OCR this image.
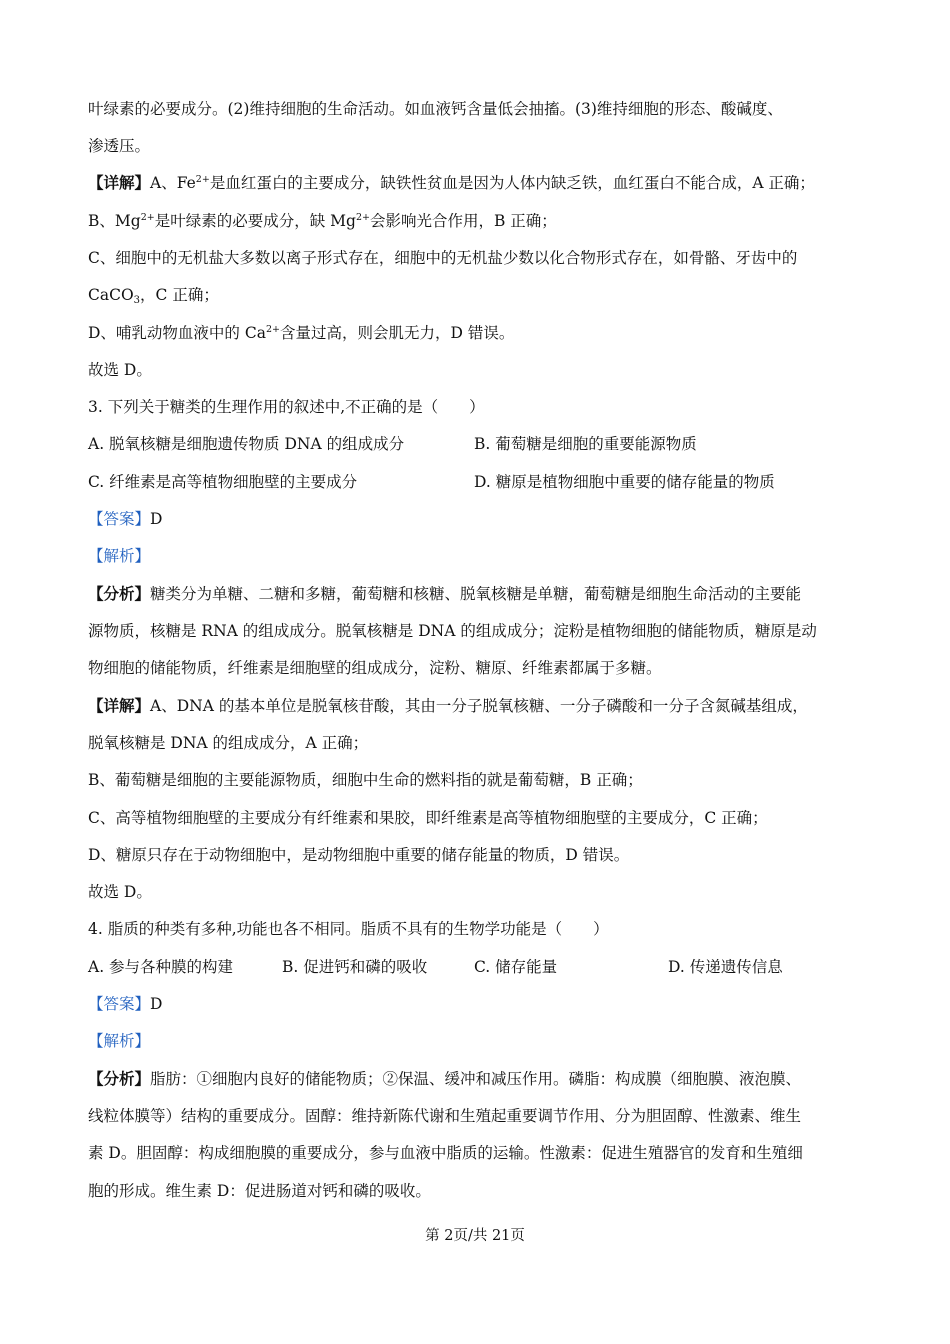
叶绿素的必要成分。(2)维持细胞的生命活动。如血液钙含量低会抽搐。(3)维持细胞的形态、酸碱度、
渗透压。
【详解】A、$Fe^{2+}$是血红蛋白的主要成分，缺铁性贫血是因为人体内缺乏铁，血红蛋白不能合成，A 正确；
B、$Mg^{2+}$是叶绿素的必要成分，缺 $Mg^{2+}$会影响光合作用，B 正确；
C、细胞中的无机盐大多数以离子形式存在，细胞中的无机盐少数以化合物形式存在，如骨骼、牙齿中的
CaCO$_3$，C 正确；
D、哺乳动物血液中的 $Ca^{2+}$含量过高，则会肌无力，D 错误。
故选 D。
3. 下列关于糖类的生理作用的叙述中,不正确的是（　　）
A. 脱氧核糖是细胞遗传物质 DNA 的组成成分	B. 葡萄糖是细胞的重要能源物质
C. 纤维素是高等植物细胞壁的主要成分	D. 糖原是植物细胞中重要的储存能量的物质
【答案】D
【解析】
【分析】糖类分为单糖、二糖和多糖，葡萄糖和核糖、脱氧核糖是单糖，葡萄糖是细胞生命活动的主要能
源物质，核糖是 RNA 的组成成分。脱氧核糖是 DNA 的组成成分；淀粉是植物细胞的储能物质，糖原是动
物细胞的储能物质，纤维素是细胞壁的组成成分，淀粉、糖原、纤维素都属于多糖。
【详解】A、DNA 的基本单位是脱氧核苷酸，其由一分子脱氧核糖、一分子磷酸和一分子含氮碱基组成，
脱氧核糖是 DNA 的组成成分，A 正确；
B、葡萄糖是细胞的主要能源物质，细胞中生命的燃料指的就是葡萄糖，B 正确；
C、高等植物细胞壁的主要成分有纤维素和果胶，即纤维素是高等植物细胞壁的主要成分，C 正确；
D、糖原只存在于动物细胞中，是动物细胞中重要的储存能量的物质，D 错误。
故选 D。
4. 脂质的种类有多种,功能也各不相同。脂质不具有的生物学功能是（　　）
A. 参与各种膜的构建	B. 促进钙和磷的吸收	C. 储存能量	D. 传递遗传信息
【答案】D
【解析】
【分析】脂肪：①细胞内良好的储能物质；②保温、缓冲和减压作用。磷脂：构成膜（细胞膜、液泡膜、
线粒体膜等）结构的重要成分。固醇：维持新陈代谢和生殖起重要调节作用、分为胆固醇、性激素、维生
素 D。胆固醇：构成细胞膜的重要成分，参与血液中脂质的运输。性激素：促进生殖器官的发育和生殖细
胞的形成。维生素 D：促进肠道对钙和磷的吸收。
第 2页/共 21页
